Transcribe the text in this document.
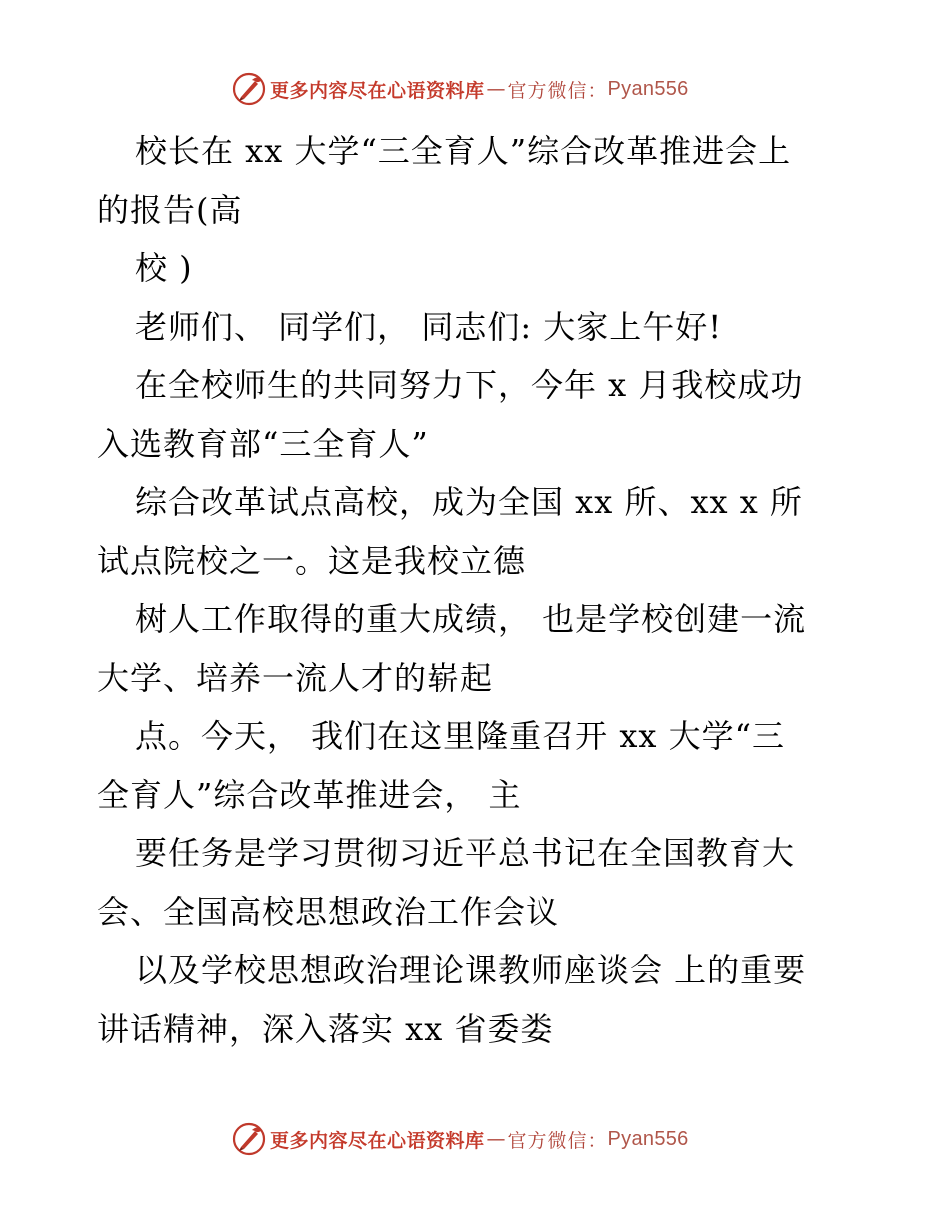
更多内容尽在心语资料库 — 官方微信： Pyan556
校长在 xx 大学“三全育人”综合改革推进会上
的报告(高
校 )
老师们、 同学们， 同志们: 大家上午好!
在全校师生的共同努力下，今年 x 月我校成功
入选教育部“三全育人”
综合改革试点高校，成为全国 xx 所、xx x 所
试点院校之一。这是我校立德
树人工作取得的重大成绩， 也是学校创建一流
大学、培养一流人才的崭起
点。今天， 我们在这里隆重召开 xx 大学“三
全育人”综合改革推进会， 主
要任务是学习贯彻习近平总书记在全国教育大
会、全国高校思想政治工作会议
以及学校思想政治理论课教师座谈会 上的重要
讲话精神，深入落实 xx 省委娄
更多内容尽在心语资料库 — 官方微信： Pyan556
